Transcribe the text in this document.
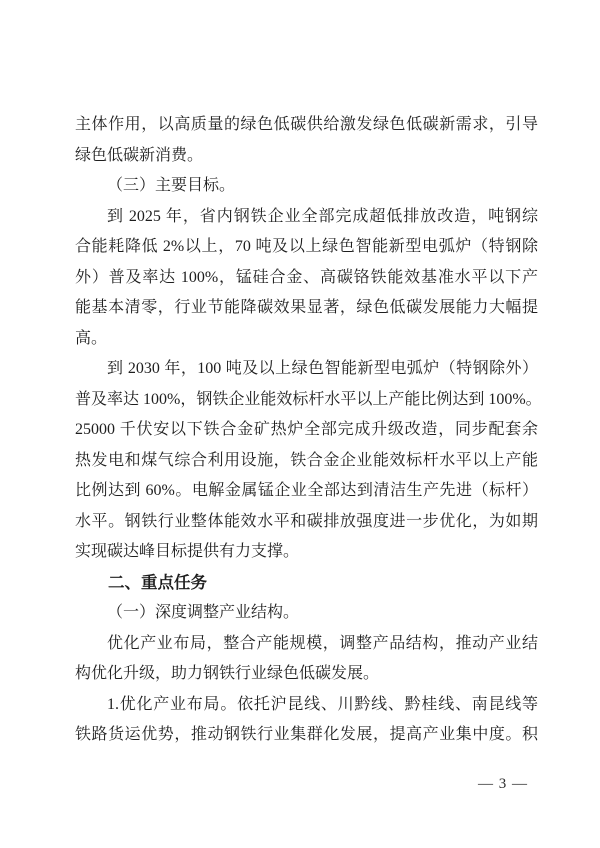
主体作用，以高质量的绿色低碳供给激发绿色低碳新需求，引导
绿色低碳新消费。
（三）主要目标。
到 2025 年，省内钢铁企业全部完成超低排放改造，吨钢综
合能耗降低 2%以上，70 吨及以上绿色智能新型电弧炉（特钢除
外）普及率达 100%，锰硅合金、高碳铬铁能效基准水平以下产
能基本清零，行业节能降碳效果显著，绿色低碳发展能力大幅提
高。
到 2030 年，100 吨及以上绿色智能新型电弧炉（特钢除外）
普及率达 100%，钢铁企业能效标杆水平以上产能比例达到 100%。
25000 千伏安以下铁合金矿热炉全部完成升级改造，同步配套余
热发电和煤气综合利用设施，铁合金企业能效标杆水平以上产能
比例达到 60%。电解金属锰企业全部达到清洁生产先进（标杆）
水平。钢铁行业整体能效水平和碳排放强度进一步优化，为如期
实现碳达峰目标提供有力支撑。
二、重点任务
（一）深度调整产业结构。
优化产业布局，整合产能规模，调整产品结构，推动产业结
构优化升级，助力钢铁行业绿色低碳发展。
1.优化产业布局。依托沪昆线、川黔线、黔桂线、南昆线等
铁路货运优势，推动钢铁行业集群化发展，提高产业集中度。积
— 3 —
